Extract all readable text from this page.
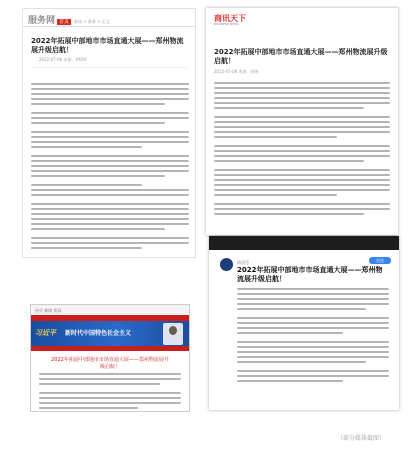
服务网 首页 新闻 > 政务 > 正文
2022年拓展中部地市市场直通大展——郑州物流展升级启航！
2022-07-06 来源：XXXX
商讯天下
BUSINESS NEWS
2022年拓展中部地市市场直通大展——郑州物流展升级启航！
2022-07-06 来源：网络
首页 新闻 资讯
习近平 新时代中国特色社会主义
2022年拓展中部地市市场直通大展——郑州物流展升级启航！
资讯号	关注
2022年拓展中部地市市场直通大展——郑州物流展升级启航！
（部分媒体截图）
